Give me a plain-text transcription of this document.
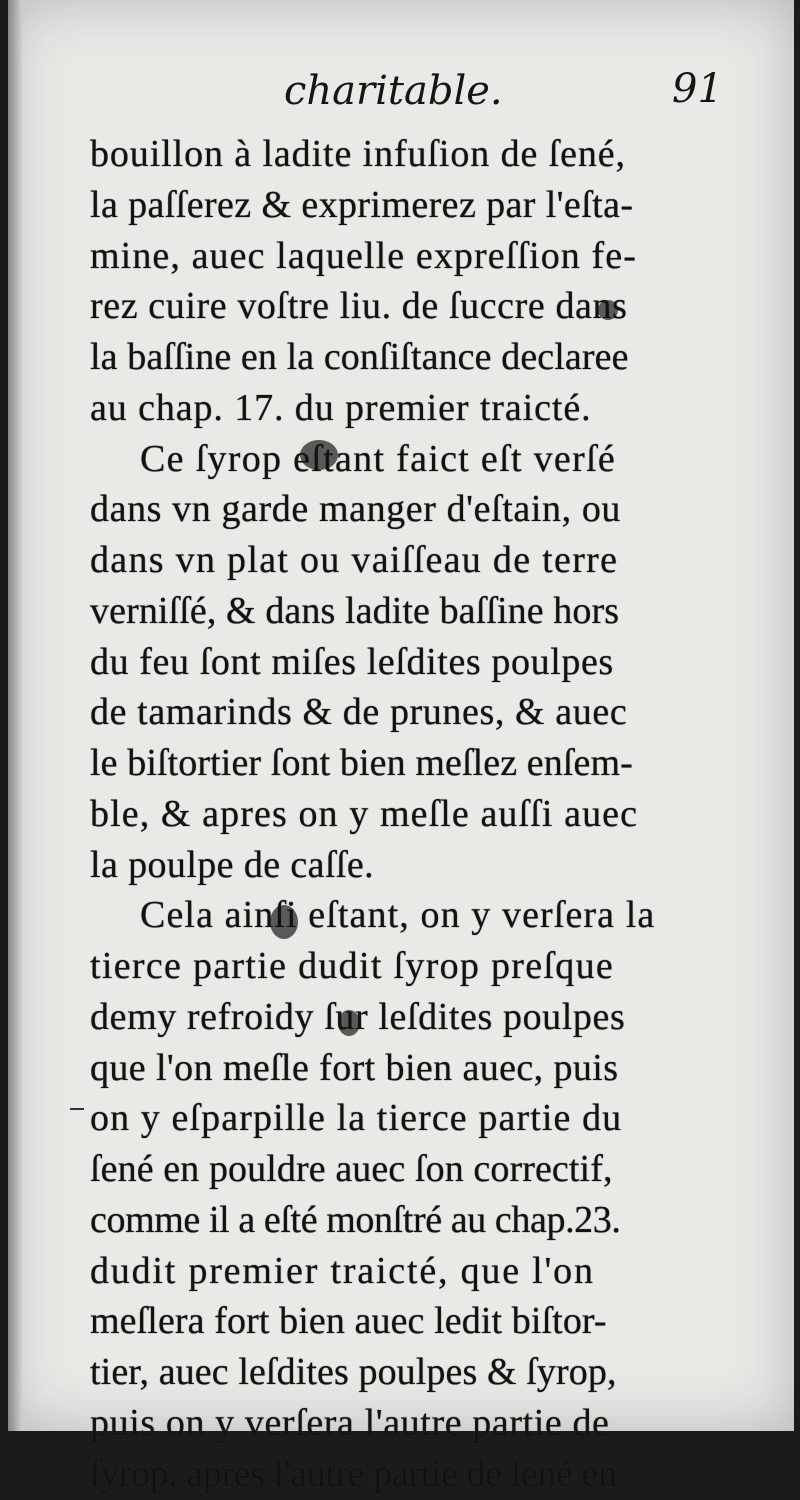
charitable.	91
bouillon à ladite infuſion de ſené,
la paſſerez & exprimerez par l'eſta-
mine, auec laquelle expreſſion fe-
rez cuire voſtre liu. de ſuccre dans
la baſſine en la conſiſtance declaree
au chap. 17. du premier traicté.
Ce ſyrop eſtant faict eſt verſé
dans vn garde manger d'eſtain, ou
dans vn plat ou vaiſſeau de terre
verniſſé, & dans ladite baſſine hors
du feu ſont miſes leſdites poulpes
de tamarinds & de prunes, & auec
le biſtortier ſont bien meſlez enſem-
ble, & apres on y meſle auſſi auec
la poulpe de caſſe.
Cela ainſi eſtant, on y verſera la
tierce partie dudit ſyrop preſque
demy refroidy ſur leſdites poulpes
que l'on meſle fort bien auec, puis
on y eſparpille la tierce partie du
ſené en pouldre auec ſon correctif,
comme il a eſté monſtré au chap.23.
dudit premier traicté, que l'on
meſlera fort bien auec ledit biſtor-
tier, auec leſdites poulpes & ſyrop,
puis on y verſera l'autre partie de
ſyrop, apres l'autre partie de ſené en
